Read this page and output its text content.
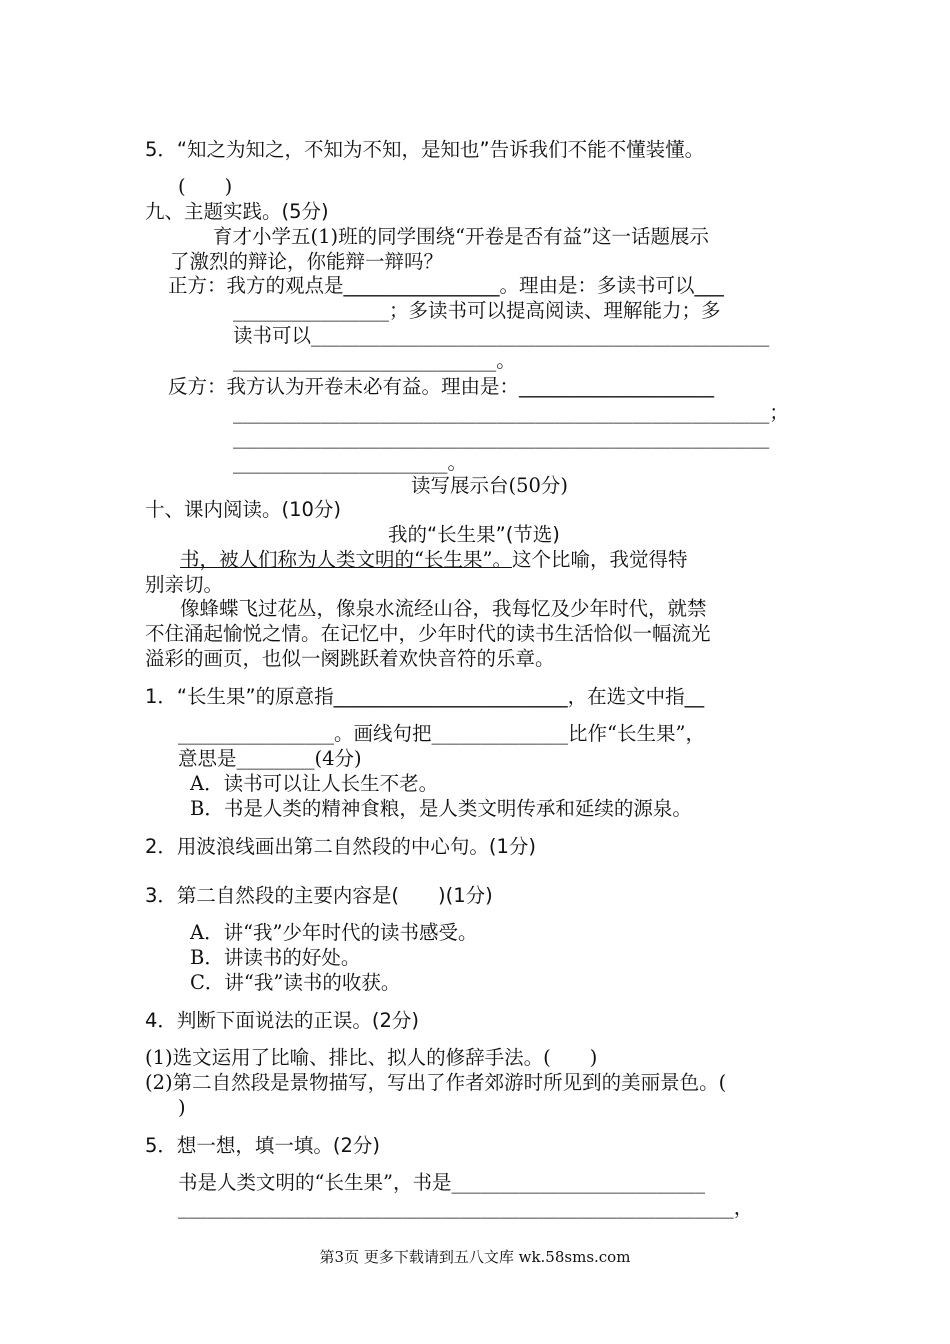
5．“知之为知之，不知为不知，是知也”告诉我们不能不懂装懂。
(　　)
九、主题实践。(5分)
育才小学五(1)班的同学围绕“开卷是否有益”这一话题展示
了激烈的辩论，你能辩一辩吗？
正方：我方的观点是________________。理由是：多读书可以___
________________；多读书可以提高阅读、理解能力；多
读书可以_______________________________________________
___________________________。
反方：我方认为开卷未必有益。理由是：____________________
_______________________________________________________；
_______________________________________________________
______________________。
读写展示台(50分)
十、课内阅读。(10分)
我的“长生果”(节选)
书，被人们称为人类文明的“长生果”。这个比喻，我觉得特
别亲切。
像蜂蝶飞过花丛，像泉水流经山谷，我每忆及少年时代，就禁
不住涌起愉悦之情。在记忆中，少年时代的读书生活恰似一幅流光
溢彩的画页，也似一阕跳跃着欢快音符的乐章。
1．“长生果”的原意指________________________，在选文中指__
________________。画线句把______________比作“长生果”，
意思是________(4分)
A．读书可以让人长生不老。
B．书是人类的精神食粮，是人类文明传承和延续的源泉。
2．用波浪线画出第二自然段的中心句。(1分)
3．第二自然段的主要内容是(　　)(1分)
A．讲“我”少年时代的读书感受。
B．讲读书的好处。
C．讲“我”读书的收获。
4．判断下面说法的正误。(2分)
(1)选文运用了比喻、排比、拟人的修辞手法。(　　)
(2)第二自然段是景物描写，写出了作者郊游时所见到的美丽景色。(
)
5．想一想，填一填。(2分)
书是人类文明的“长生果”，书是__________________________
_________________________________________________________，
第3页 更多下载请到五八文库 wk.58sms.com
